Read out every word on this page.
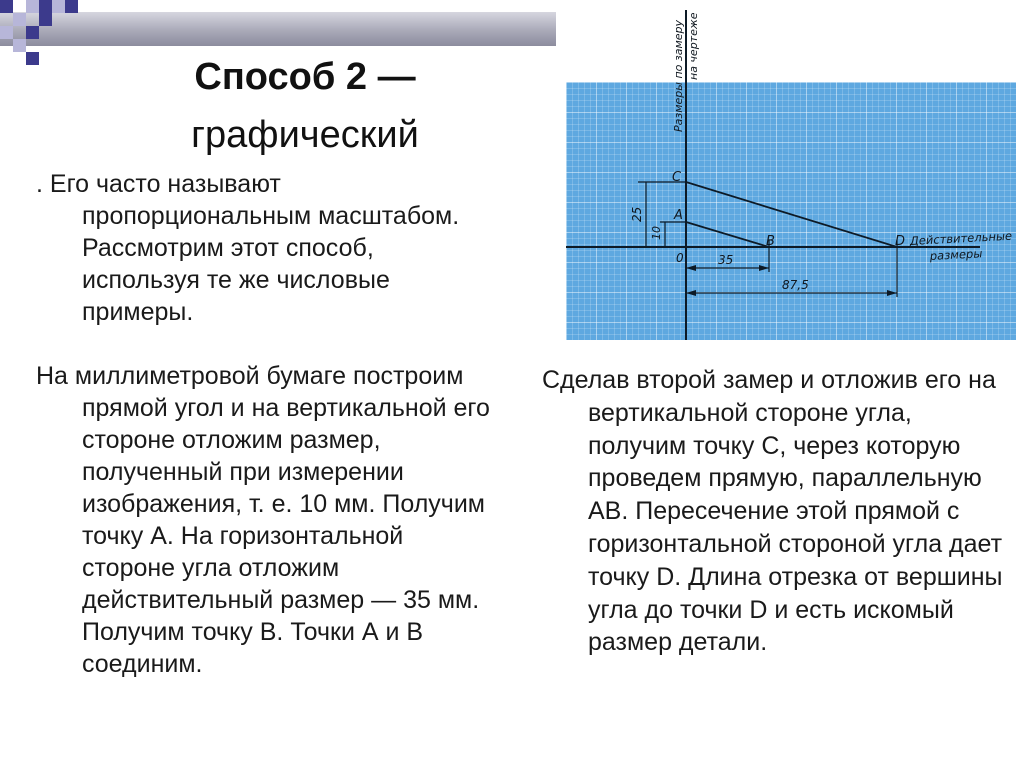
Способ 2 —
графический

. Его часто называют пропорциональным масштабом. Рассмотрим этот способ, используя те же числовые примеры.

На миллиметровой бумаге построим прямой угол и на вертикальной его стороне отложим размер, полученный при измерении изображения, т. е. 10 мм. Получим точку А. На горизонтальной стороне угла отложим действительный размер — 35 мм. Получим точку В. Точки А и В соединим.

Размеры по замеру на чертеже
C
A
B	D
0
25
10
35
87,5
Действительные
размеры

Сделав второй замер и отложив его на вертикальной стороне угла, получим точку С, через которую проведем прямую, параллельную АВ. Пересечение этой прямой с горизонтальной стороной угла дает точку D. Длина отрезка от вершины угла до точки D и есть искомый размер детали.
